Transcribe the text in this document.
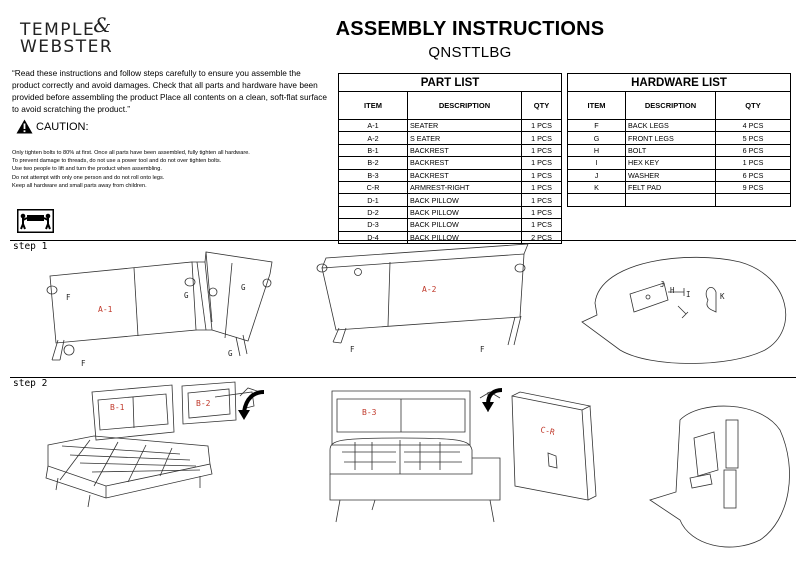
TEMPLE&
WEBSTER
ASSEMBLY INSTRUCTIONS
QNSTTLBG
“Read these instructions and follow steps carefully to ensure you assemble the product correctly and avoid damages. Check that all parts and hardware have been provided before assembling the product Place all contents on a clean, soft-flat surface to avoid scratching the product.”
CAUTION:
Only tighten bolts to 80% at first. Once all parts have been assembled, fully tighten all hardware.
To prevent damage to threads, do not use a power tool and do not over tighten bolts.
Use two people to lift and turn the product when assembling.
Do not attempt with only one person and do not roll onto legs.
Keep all hardware and small parts away from children.
PART LIST		
ITEM	DESCRIPTION	QTY
A-1	SEATER	1 PCS
A-2	S EATER	1 PCS
B-1	BACKREST	1 PCS
B-2	BACKREST	1 PCS
B-3	BACKREST	1 PCS
C-R	ARMREST-RIGHT	1 PCS
D-1	BACK PILLOW	1 PCS
D-2	BACK PILLOW	1 PCS
D-3	BACK PILLOW	1 PCS
D-4	BACK PILLOW	2 PCS
HARDWARE LIST		
ITEM	DESCRIPTION	QTY
F	BACK LEGS	4 PCS
G	FRONT LEGS	5 PCS
H	BOLT	6 PCS
I	HEX KEY	1 PCS
J	WASHER	6 PCS
K	FELT PAD	9 PCS

step 1
step 2
A-1
A-2
F
F
G
G
G	F	F
J
H I	K
B-1	B-2
B-3
C-R
